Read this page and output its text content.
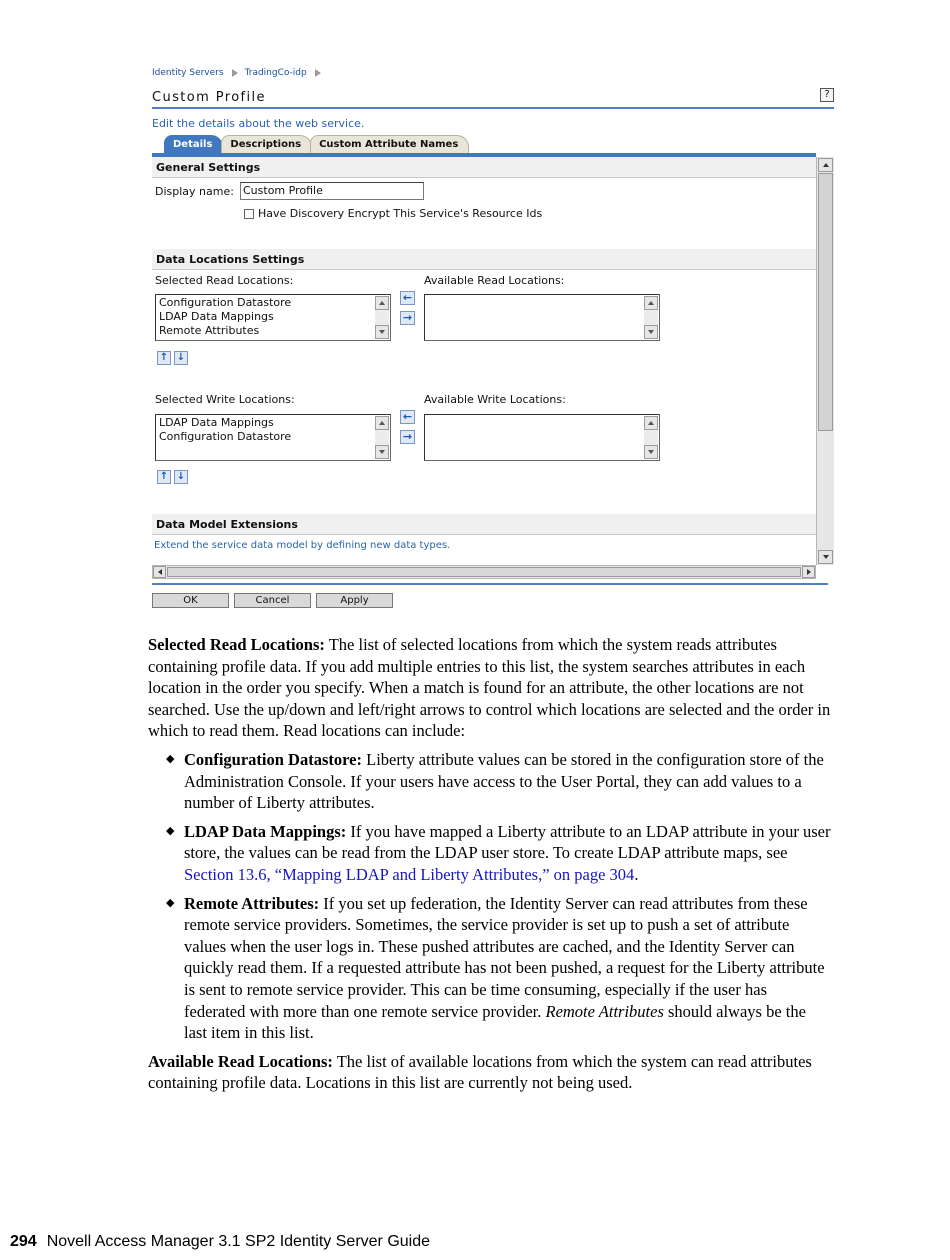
Identity Servers TradingCo-idp
Custom Profile	?
Edit the details about the web service.
Details	Descriptions	Custom Attribute Names
General Settings
Display name: Custom Profile
Have Discovery Encrypt This Service's Resource Ids
Data Locations Settings
Selected Read Locations:	Available Read Locations:
Configuration Datastore
LDAP Data Mappings
Remote Attributes
←
→
↑ ↓
Selected Write Locations:	Available Write Locations:
LDAP Data Mappings
Configuration Datastore
←
→
↑ ↓
Data Model Extensions
Extend the service data model by defining new data types.
OK	Cancel	Apply

Selected Read Locations: The list of selected locations from which the system reads attributes containing profile data. If you add multiple entries to this list, the system searches attributes in each location in the order you specify. When a match is found for an attribute, the other locations are not searched. Use the up/down and left/right arrows to control which locations are selected and the order in which to read them. Read locations can include:

◆ Configuration Datastore: Liberty attribute values can be stored in the configuration store of the Administration Console. If your users have access to the User Portal, they can add values to a number of Liberty attributes.
◆ LDAP Data Mappings: If you have mapped a Liberty attribute to an LDAP attribute in your user store, the values can be read from the LDAP user store. To create LDAP attribute maps, see Section 13.6, “Mapping LDAP and Liberty Attributes,” on page 304.
◆ Remote Attributes: If you set up federation, the Identity Server can read attributes from these remote service providers. Sometimes, the service provider is set up to push a set of attribute values when the user logs in. These pushed attributes are cached, and the Identity Server can quickly read them. If a requested attribute has not been pushed, a request for the Liberty attribute is sent to remote service provider. This can be time consuming, especially if the user has federated with more than one remote service provider. Remote Attributes should always be the last item in this list.

Available Read Locations: The list of available locations from which the system can read attributes containing profile data. Locations in this list are currently not being used.

294 Novell Access Manager 3.1 SP2 Identity Server Guide
